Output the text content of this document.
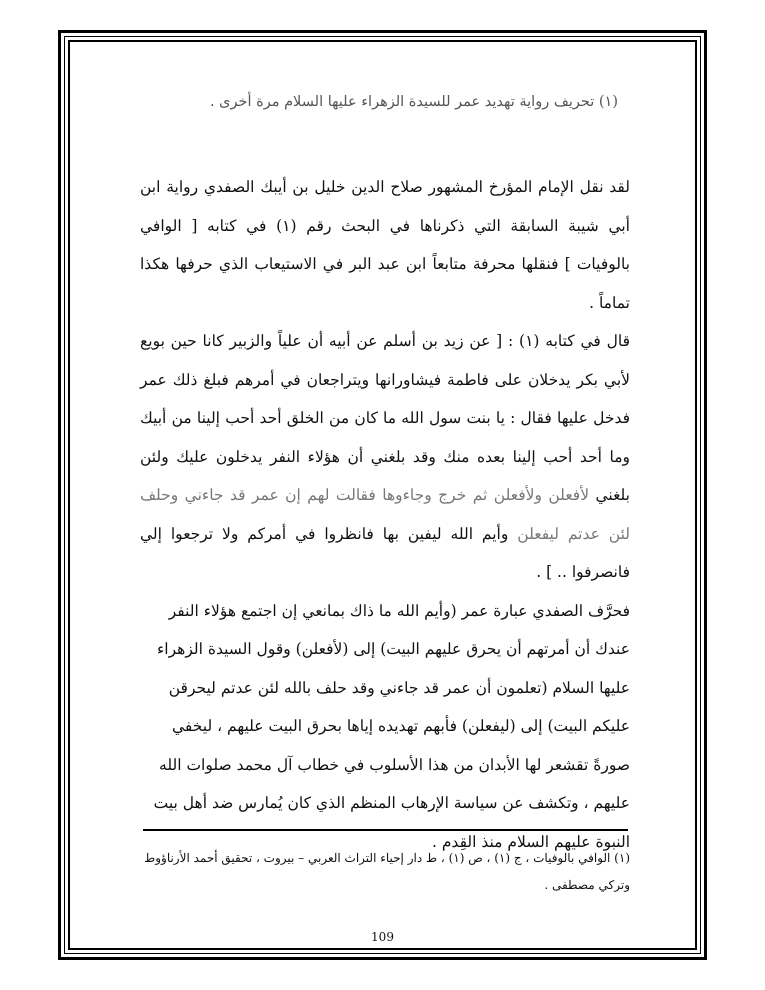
(١) تحريف رواية تهديد عمر للسيدة الزهراء عليها السلام مرة أخرى .

لقد نقل الإمام المؤرخ المشهور صلاح الدين خليل بن أيبك الصفدي رواية ابن أبي شيبة السابقة التي ذكرناها في البحث رقم (١) في كتابه [ الوافي بالوفيات ] فنقلها محرفة متابعاً ابن عبد البر في الاستيعاب الذي حرفها هكذا تماماً .

قال في كتابه (١) : [ عن زيد بن أسلم عن أبيه أن علياً والزبير كانا حين بويع لأبي بكر يدخلان على فاطمة فيشاورانها ويتراجعان في أمرهم فبلغ ذلك عمر فدخل عليها فقال : يا بنت سول الله ما كان من الخلق أحد أحب إلينا من أبيك وما أحد أحب إلينا بعده منك وقد بلغني أن هؤلاء النفر يدخلون عليك ولئن بلغني لأفعلن ولأفعلن ثم خرج وجاءوها فقالت لهم إن عمر قد جاءني وحلف لئن عدتم ليفعلن وأيم الله ليفين بها فانظروا في أمركم ولا ترجعوا إلي فانصرفوا .. ] .

فحرَّف الصفدي عبارة عمر (وأيم الله ما ذاك بمانعي إن اجتمع هؤلاء النفر عندك أن أمرتهم أن يحرق عليهم البيت) إلى (لأفعلن) وقول السيدة الزهراء عليها السلام (تعلمون أن عمر قد جاءني وقد حلف بالله لئن عدتم ليحرقن عليكم البيت) إلى (ليفعلن) فأبهم تهديده إياها بحرق البيت عليهم ، ليخفي صورةً تقشعر لها الأبدان من هذا الأسلوب في خطاب آل محمد صلوات الله عليهم ، وتكشف عن سياسة الإرهاب المنظم الذي كان يُمارس ضد أهل بيت النبوة عليهم السلام منذ القِدم .

(١) الوافي بالوفيات ، ج (١) ، ص (١) ، ط دار إحياء التراث العربي – بيروت ، تحقيق أحمد الأرناؤوط وتركي مصطفى .
109
